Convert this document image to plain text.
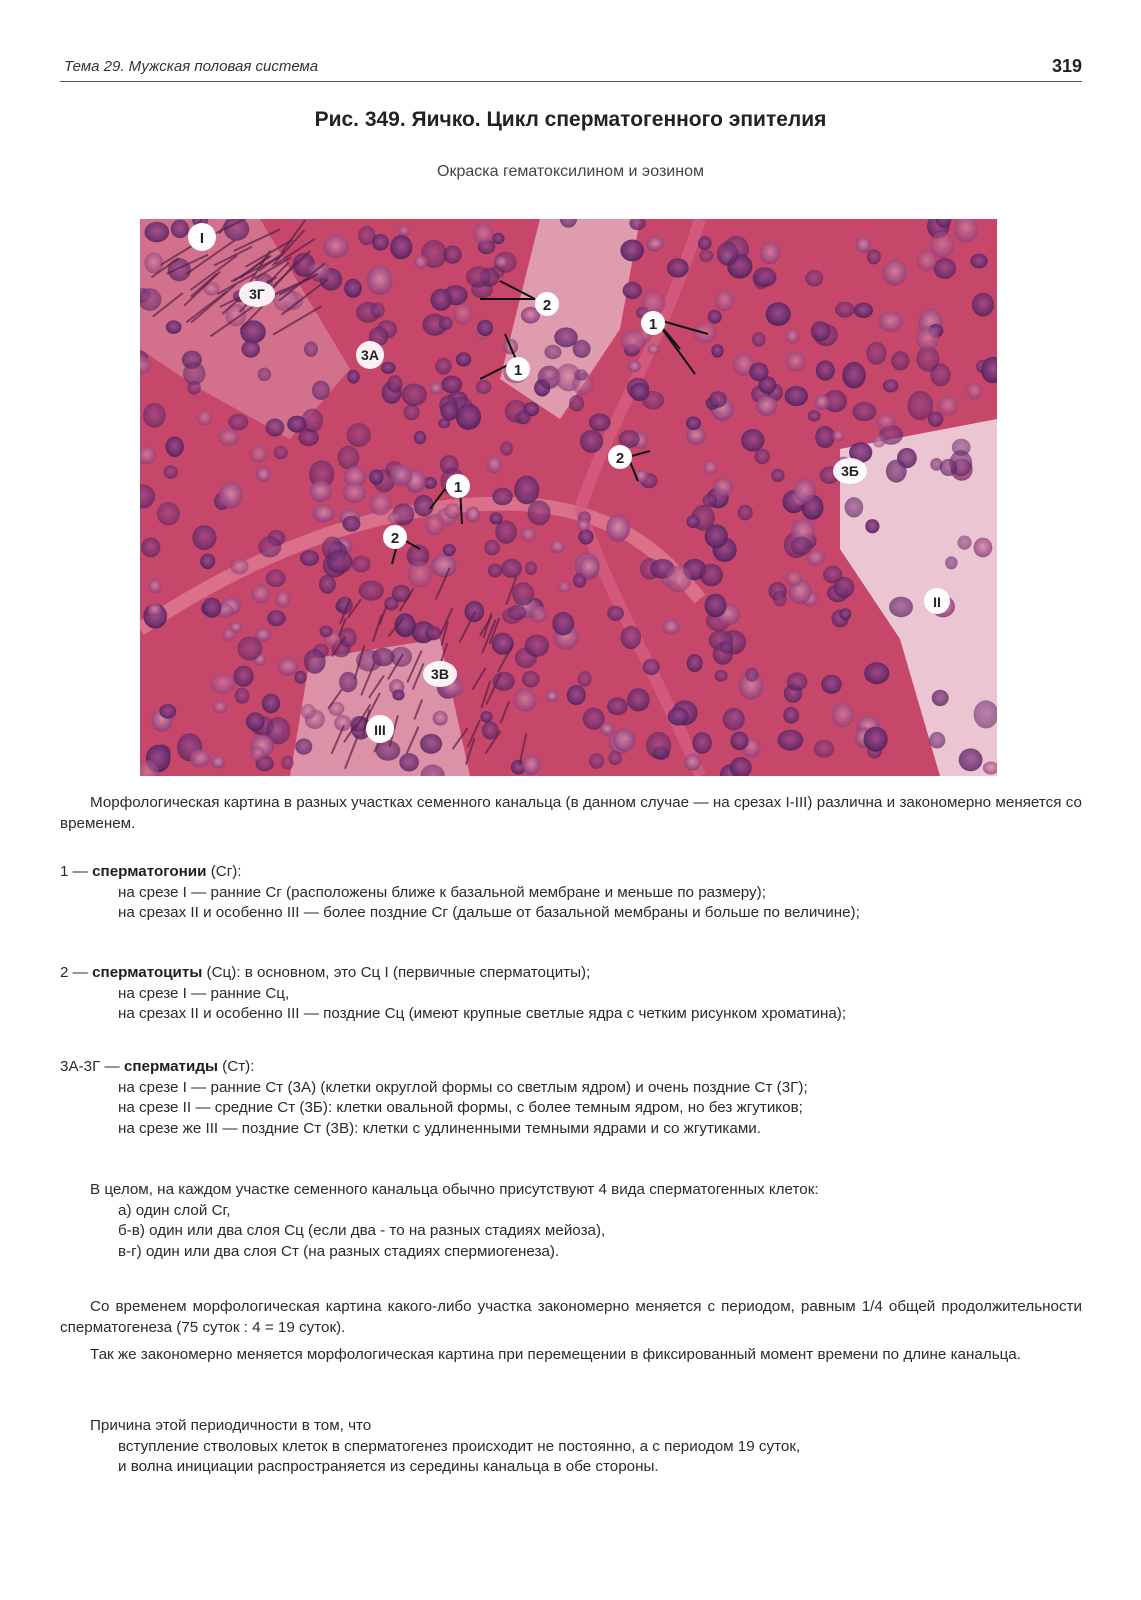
Тема 29. Мужская половая система	319
Рис. 349. Яичко. Цикл сперматогенного эпителия
Окраска гематоксилином и эозином
I
3Г
3А
2
1
1
2
3Б
1
2
II
3В
III
Морфологическая картина в разных участках семенного канальца (в данном случае — на срезах I-III) различна и закономерно меняется со временем.
1 — сперматогонии (Сг):
на срезе I — ранние Сг (расположены ближе к базальной мембране и меньше по размеру);
на срезах II и особенно III — более поздние Сг (дальше от базальной мембраны и больше по величине);
2 — сперматоциты (Сц): в основном, это Сц I (первичные сперматоциты);
на срезе I — ранние Сц,
на срезах II и особенно III — поздние Сц (имеют крупные светлые ядра с четким рисунком хроматина);
3А-3Г — сперматиды (Ст):
на срезе I — ранние Ст (3А) (клетки округлой формы со светлым ядром) и очень поздние Ст (3Г);
на срезе II — средние Ст (3Б): клетки овальной формы, с более темным ядром, но без жгутиков;
на срезе же III — поздние Ст (3В): клетки с удлиненными темными ядрами и со жгутиками.
В целом, на каждом участке семенного канальца обычно присутствуют 4 вида сперматогенных клеток:
а) один слой Сг,
б-в) один или два слоя Сц (если два - то на разных стадиях мейоза),
в-г) один или два слоя Ст (на разных стадиях спермиогенеза).
Со временем морфологическая картина какого-либо участка закономерно меняется с периодом, равным 1/4 общей продолжительности сперматогенеза (75 суток : 4 = 19 суток).
Так же закономерно меняется морфологическая картина при перемещении в фиксированный момент времени по длине канальца.
Причина этой периодичности в том, что
вступление стволовых клеток в сперматогенез происходит не постоянно, а с периодом 19 суток,
и волна инициации распространяется из середины канальца в обе стороны.
